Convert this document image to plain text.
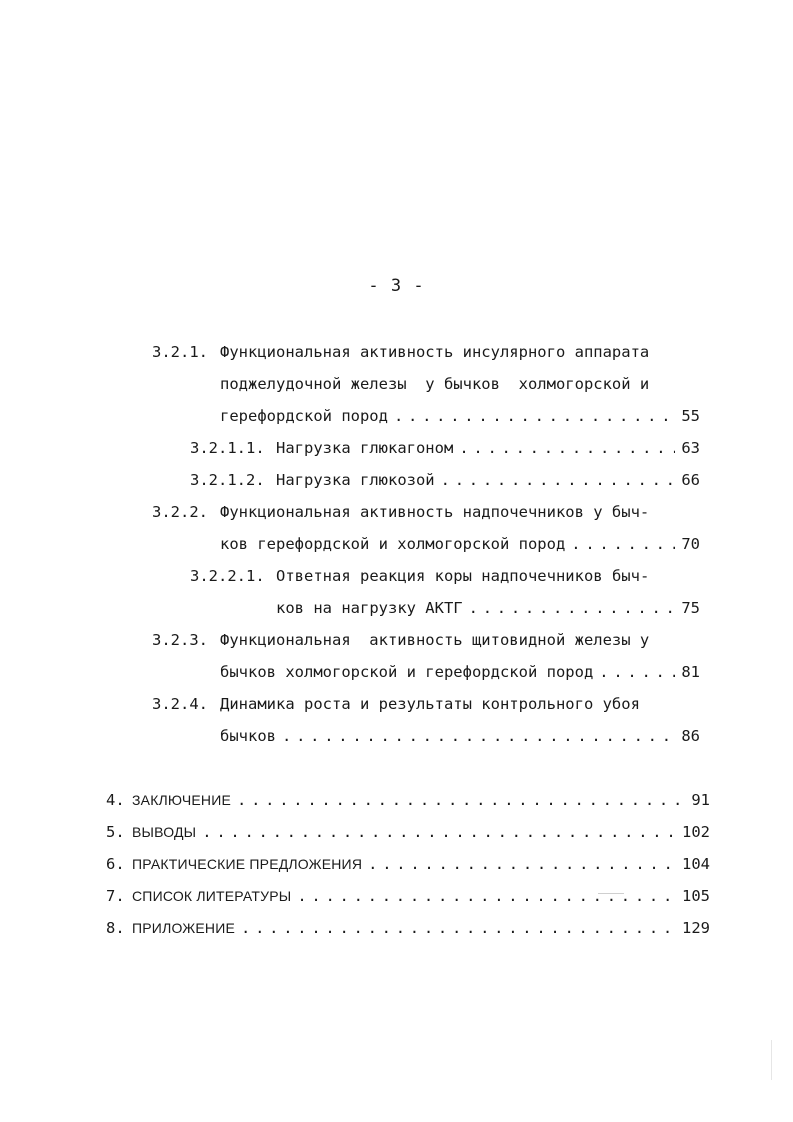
- 3 -
3.2.1. Функциональная активность инсулярного аппарата
поджелудочной железы  у бычков  холмогорской и
герефордской пород . . .	55
3.2.1.1. Нагрузка глюкагоном . . .	63
3.2.1.2. Нагрузка глюкозой . . .	66
3.2.2. Функциональная активность надпочечников у быч-
ков герефордской и холмогорской пород . . .	70
3.2.2.1. Ответная реакция коры надпочечников быч-
ков на нагрузку АКТГ . . .	75
3.2.3. Функциональная  активность щитовидной железы у
бычков холмогорской и герефордской пород . . .	81
3.2.4. Динамика роста и результаты контрольного убоя
бычков . . .	86
4. ЗАКЛЮЧЕНИЕ . . .	91
5. ВЫВОДЫ . . .	102
6. ПРАКТИЧЕСКИЕ ПРЕДЛОЖЕНИЯ . . .	104
7. СПИСОК ЛИТЕРАТУРЫ . . .	105
8. ПРИЛОЖЕНИЕ . . .	129
